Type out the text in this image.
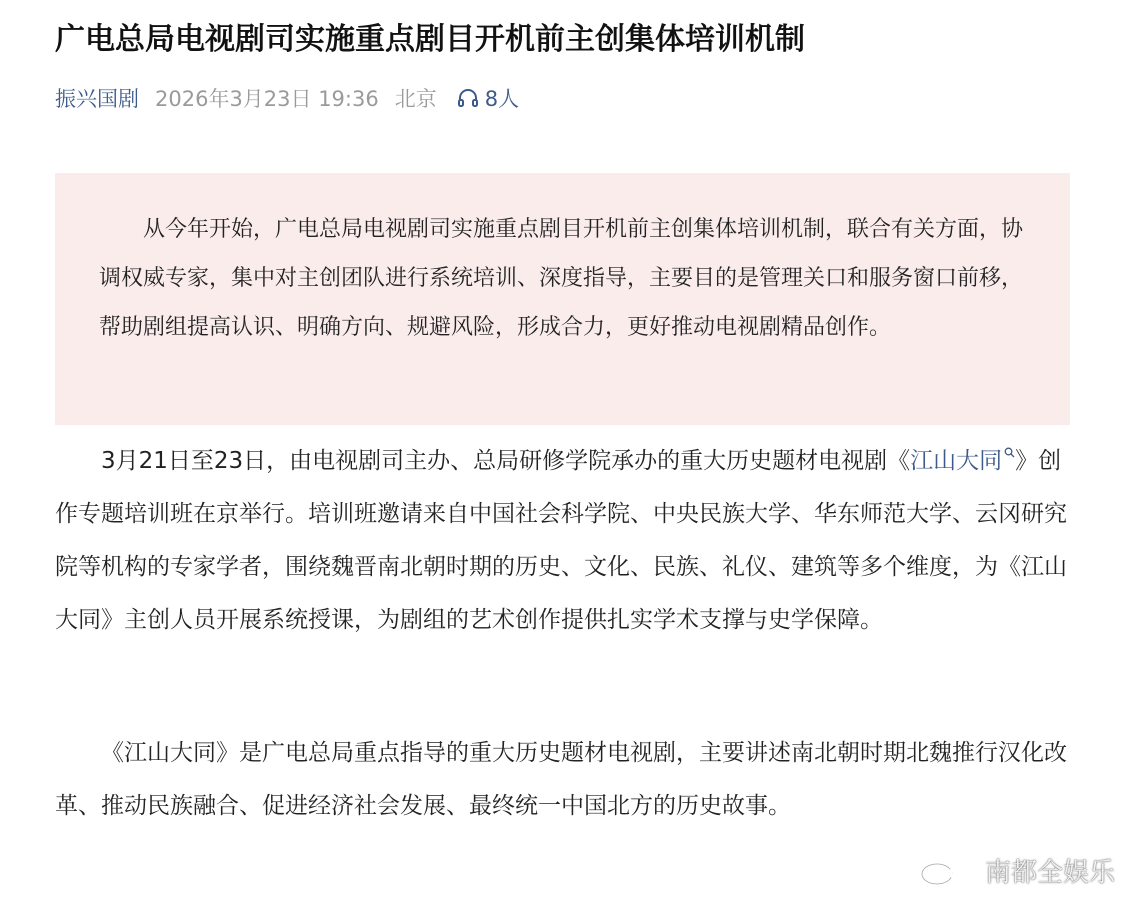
广电总局电视剧司实施重点剧目开机前主创集体培训机制
振兴国剧 2026年3月23日 19:36 北京 8人

从今年开始，广电总局电视剧司实施重点剧目开机前主创集体培训机制，联合有关方面，协调权威专家，集中对主创团队进行系统培训、深度指导，主要目的是管理关口和服务窗口前移，帮助剧组提高认识、明确方向、规避风险，形成合力，更好推动电视剧精品创作。

3月21日至23日，由电视剧司主办、总局研修学院承办的重大历史题材电视剧《江山大同 》创作专题培训班在京举行。培训班邀请来自中国社会科学院、中央民族大学、华东师范大学、云冈研究院等机构的专家学者，围绕魏晋南北朝时期的历史、文化、民族、礼仪、建筑等多个维度，为《江山大同》主创人员开展系统授课，为剧组的艺术创作提供扎实学术支撑与史学保障。

《江山大同》是广电总局重点指导的重大历史题材电视剧，主要讲述南北朝时期北魏推行汉化改革、推动民族融合、促进经济社会发展、最终统一中国北方的历史故事。

南都全娱乐
